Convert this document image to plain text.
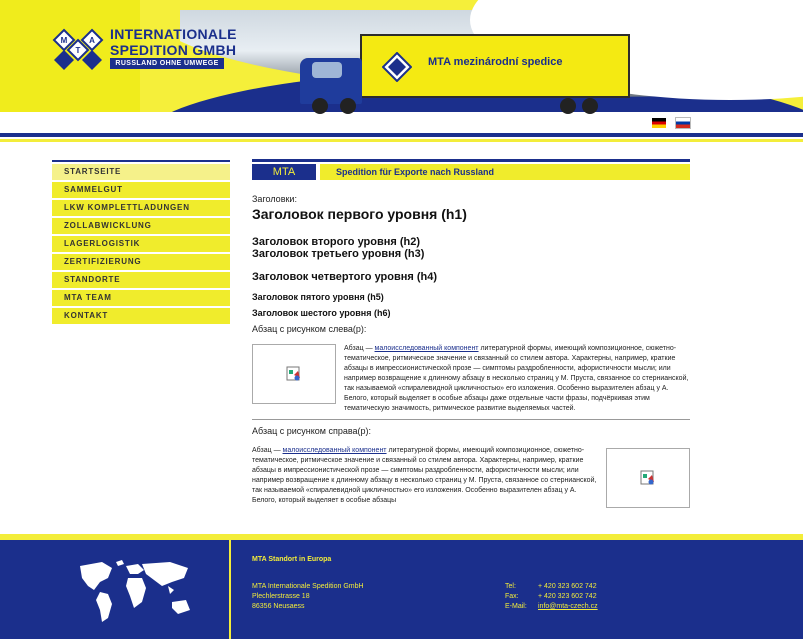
MTA mezinárodní spedice
M
T
A INTERNATIONALE
SPEDITION GMBH
RUSSLAND OHNE UMWEGE
STARTSEITE
SAMMELGUT
LKW KOMPLETTLADUNGEN
ZOLLABWICKLUNG
LAGERLOGISTIK
ZERTIFIZIERUNG
STANDORTE
MTA TEAM
KONTAKT
MTA	Spedition für Exporte nach Russland
Заголовки:
Заголовок первого уровня (h1)
Заголовок второго уровня (h2)
Заголовок третьего уровня (h3)
Заголовок четвертого уровня (h4)
Заголовок пятого уровня (h5)
Заголовок шестого уровня (h6)
Абзац с рисунком слева(p):

Абзац — малоисследованный компонент литературной формы, имеющий композиционное, сюжетно-тематическое, ритмическое значение и связанный со стилем автора. Характерны, например, краткие абзацы в импрессионистической прозе — симптомы раздробленности, афористичности мысли; или например возвращение к длинному абзацу в несколько страниц у М. Пруста, связанное со стернианской, так называемой «спиралевидной цикличностью» его изложения. Особенно выразителен абзац у А. Белого, который выделяет в особые абзацы даже отдельные части фразы, подчёркивая этим тематическую значимость, ритмическое развитие выделяемых частей.

Абзац с рисунком справа(p):

Абзац — малоисследованный компонент литературной формы, имеющий композиционное, сюжетно-тематическое, ритмическое значение и связанный со стилем автора. Характерны, например, краткие абзацы в импрессионистической прозе — симптомы раздробленности, афористичности мысли; или например возвращение к длинному абзацу в несколько страниц у М. Пруста, связанное со стернианской, так называемой «спиралевидной цикличностью» его изложения. Особенно выразителен абзац у А. Белого, который выделяет в особые абзацы

MTA Standort in Europa
MTA Internationale Spedition GmbH
Plechlerstrasse 18
86356 Neusaess
Tel:
Fax:
E-Mail:
+ 420 323 602 742
+ 420 323 602 742
info@mta-czech.cz
